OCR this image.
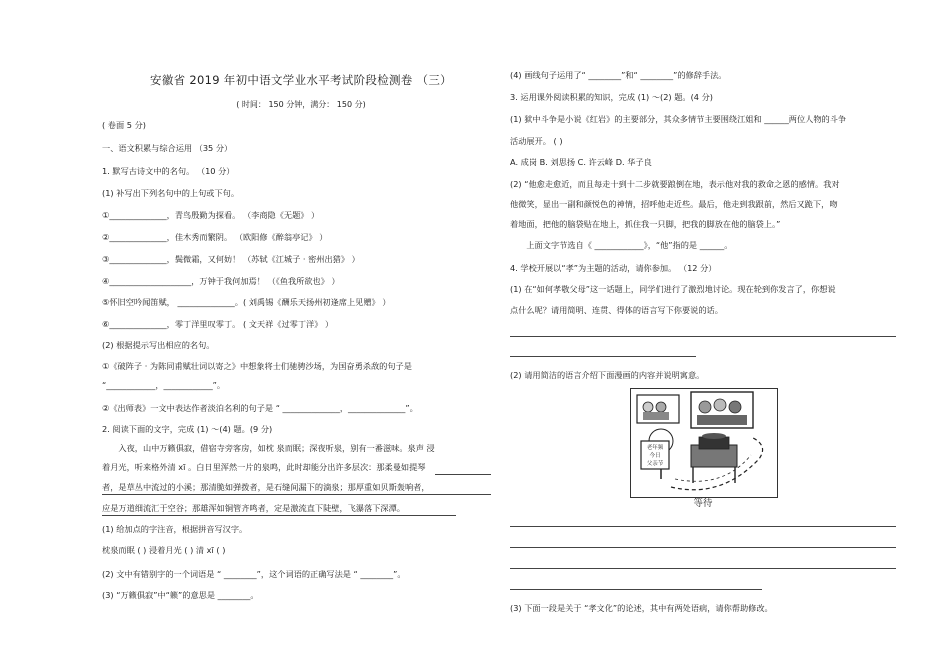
安徽省 2019 年初中语文学业水平考试阶段检测卷 （三）
( 时间： 150 分钟，满分： 150 分)
( 卷面 5 分)
一、语文积累与综合运用 （35 分）
1. 默写古诗文中的名句。 （10 分）
(1) 补写出下列名句中的上句或下句。
①______________，青鸟殷勤为探看。 （李商隐《无题》 ）
②______________，佳木秀而繁阴。 （欧阳修《醉翁亭记》 ）
③______________，鬓微霜，又何妨！ （苏轼《江城子 · 密州出猎》 ）
④____________________，万钟于我何加焉！ （《鱼我所欲也》 ）
⑤怀旧空吟闻笛赋， ______________。( 刘禹锡《酬乐天扬州初逢席上见赠》 ）
⑥______________，零丁洋里叹零丁。 ( 文天祥《过零丁洋》 ）
(2) 根据提示写出相应的名句。
①《破阵子 · 为陈同甫赋壮词以寄之》中想象将士们驰骋沙场，为国奋勇杀敌的句子是
“____________，____________”。
②《出师表》一文中表达作者淡泊名利的句子是 “ ______________，______________”。
2. 阅读下面的文字，完成 (1) ～(4) 题。(9 分)
　　入夜，山中万籁俱寂，借宿寺旁客房，如枕 泉而眠；深夜听泉，别有一番滋味。泉声 浸
着月光，听来格外清 xī 。白日里浑然一片的泉鸣，此时却能分出许多层次：那柔曼如提琴
者，是草丛中流过的小溪；那清脆如弹拨者，是石缝间漏下的滴泉；那厚重如贝斯轰响者，
应是万道细流汇于空谷；那雄浑如铜管齐鸣者，定是激流直下陡壁，飞瀑落下深潭。
(1) 给加点的字注音，根据拼音写汉字。
枕泉而眠 ( ) 浸着月光 ( ) 清 xī ( )
(2) 文中有错别字的一个词语是 “ ________”，这个词语的正确写法是 “ ________”。
(3) “万籁俱寂”中“籁”的意思是 ________。
(4) 画线句子运用了“ ________”和“ ________”的修辞手法。
3. 运用课外阅读积累的知识，完成 (1) ～(2) 题。(4 分)
(1) 狱中斗争是小说《红岩》的主要部分，其众多情节主要围绕江姐和 ______两位人物的斗争
活动展开。 ( )
A. 成岗 B. 刘思扬 C. 许云峰 D. 华子良
(2) “他愈走愈近，而且每走十到十二步就要踉倒在地，表示他对我的救命之恩的感情。我对
他微笑，显出一副和颜悦色的神情，招呼他走近些。最后，他走到我跟前，然后又跪下，吻
着地面，把他的脑袋贴在地上，抓住我一只脚，把我的脚放在他的脑袋上。”
　　上面文字节选自《 ____________》，“他”指的是 ______。
4. 学校开展以“孝”为主题的活动，请你参加。 （12 分）
(1) 在“如何孝敬父母”这一话题上，同学们进行了激烈地讨论。现在轮到你发言了，你想说
点什么呢？请用简明、连贯、得体的语言写下你要说的话。
(2) 请用简洁的语言介绍下面漫画的内容并说明寓意。
(3) 下面一段是关于 “孝文化”的论述，其中有两处语病，请你帮助修改。
老年频
今日
父亲节
等待
